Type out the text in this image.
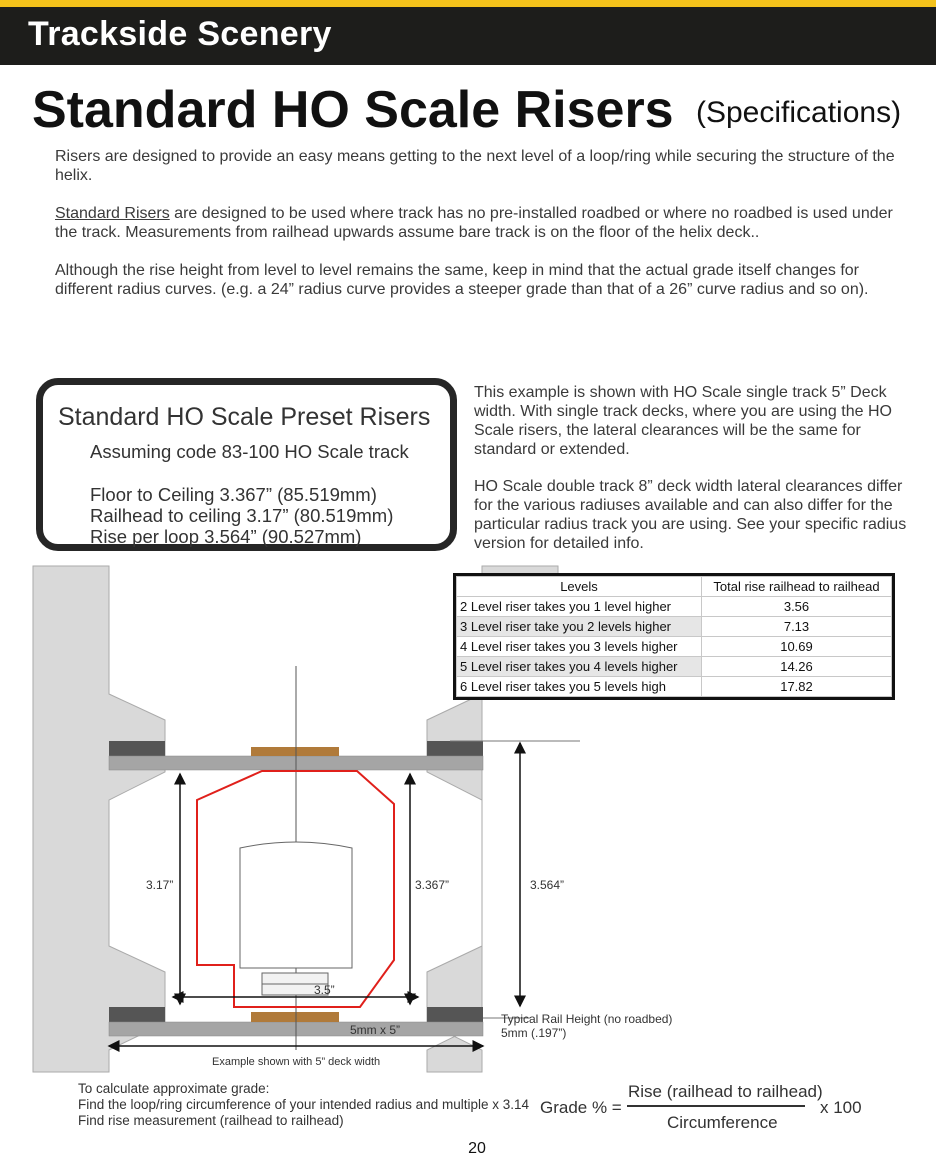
Trackside Scenery
Standard HO Scale Risers (Specifications)
Risers are designed to provide an easy means getting to the next level of a loop/ring while securing the structure of the helix.
Standard Risers are designed to be used where track has no pre-installed roadbed or where no roadbed is used under the track. Measurements from railhead upwards assume bare track is on the floor of the helix deck..
Although the rise height from level to level remains the same, keep in mind that the actual grade itself changes for different radius curves. (e.g. a 24” radius curve provides a steeper grade than that of a 26” curve radius and so on).
Standard HO Scale Preset Risers
Assuming code 83-100 HO Scale track
Floor to Ceiling 3.367” (85.519mm)
Railhead to ceiling 3.17” (80.519mm)
Rise per loop 3.564” (90.527mm)
This example is shown with HO Scale single track 5” Deck width. With single track decks, where you are using the HO Scale risers, the lateral clearances will be the same for standard or extended.
HO Scale double track 8” deck width lateral clearances differ for the various radiuses available and can also differ for the particular radius track you are using. See your specific radius version for detailed info.
3.17”	3.367”	3.564”
3.5”
5mm x 5”
Typical Rail Height (no roadbed)
5mm (.197”)
Example shown with 5” deck width
Levels	Total rise railhead to railhead
2 Level riser takes you 1 level higher	3.56
3 Level riser take you 2 levels higher	7.13
4 Level riser takes you 3 levels higher	10.69
5 Level riser takes you 4 levels higher	14.26
6 Level riser takes you 5 levels high	17.82
To calculate approximate grade:
Find the loop/ring circumference of your intended radius and multiple x 3.14
Find rise measurement (railhead to railhead)
Grade % =
Rise (railhead to railhead)
Circumference
x 100
20
